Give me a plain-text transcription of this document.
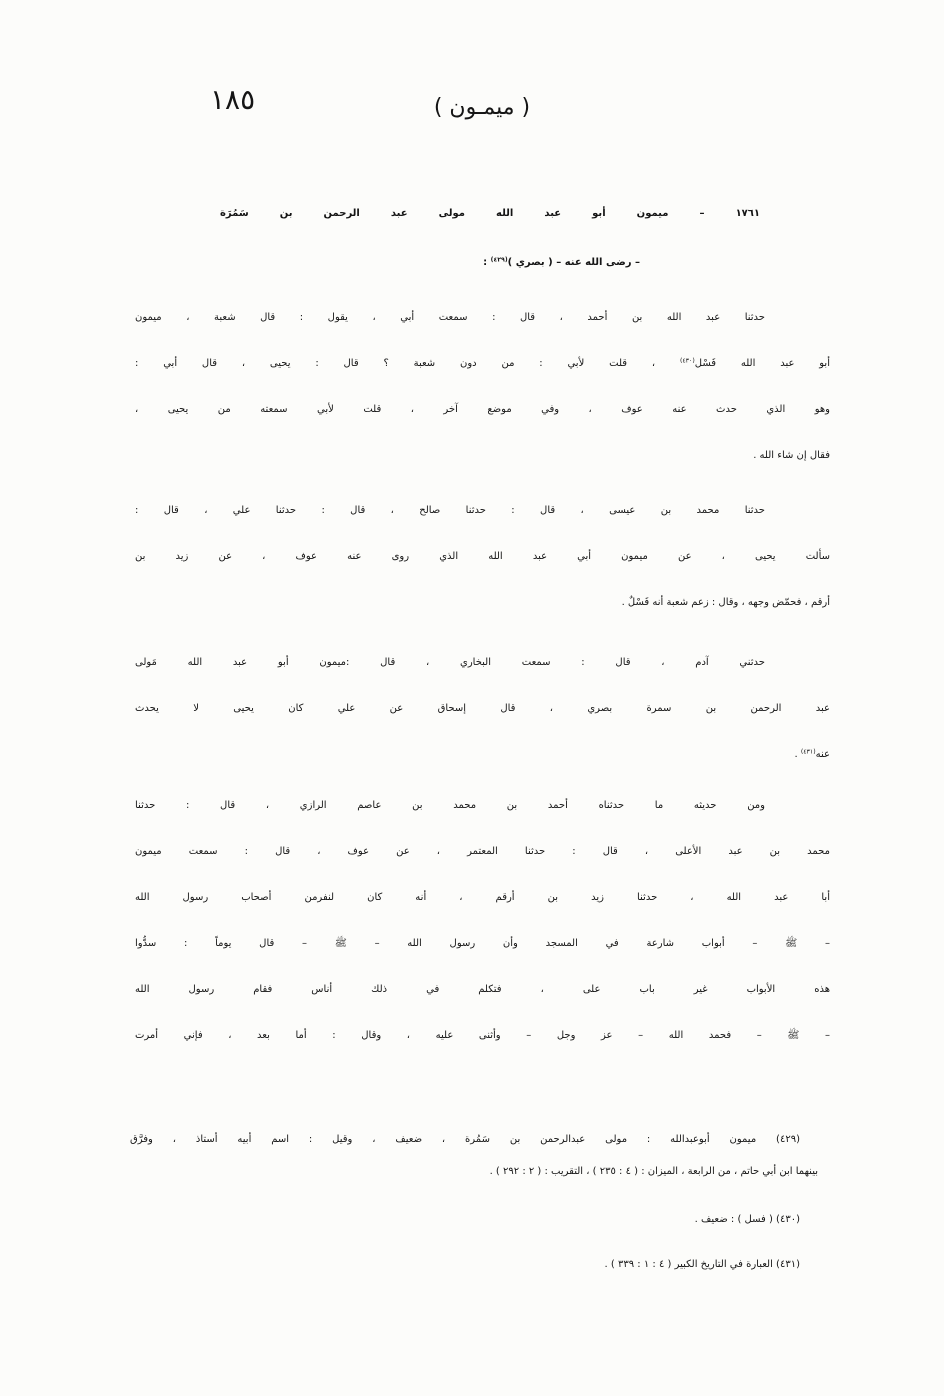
١٨٥	( ميمـون )
١٧٦١ – ميمون أبو عبد الله مولى عبد الرحمن بن سَمُرَة
– رضى الله عنه – ( بصري )$^{(٤٢٩)}$ :
حدثنا عبد الله بن أحمد ، قال : سمعت أبي ، يقول : قال شعبة ، ميمون
أبو عبد الله فَسْل$^{(٤٣٠)}$ ، قلت لأبي : من دون شعبة ؟ قال : يحيى ، قال أبي :
وهو الذي حدث عنه عوف ، وفي موضع آخر ، قلت لأبي سمعته من يحيى ،
فقال إن شاء الله .
حدثنا محمد بن عيسى ، قال : حدثنا صالح ، قال : حدثنا علي ، قال :
سألت يحيى ، عن ميمون أبي عبد الله الذي روى عنه عوف ، عن زيد بن
أرقم ، فحمّض وجهه ، وقال : زعم شعبة أنه فَسْلٌ .
حدثني آدم ، قال : سمعت البخاري ، قال :ميمون أبو عبد الله مَولى
عبد الرحمن بن سمرة بصري ، قال إسحاق عن علي كان يحيى لا يحدث
عنه$^{(٤٣١)}$ .
ومن حديثه ما حدثناه أحمد بن محمد بن عاصم الرازي ، قال : حدثنا
محمد بن عبد الأعلى ، قال : حدثنا المعتمر ، عن عوف ، قال : سمعت ميمون
أبا عبد الله ، حدثنا زيد بن أرقم ، أنه كان لنفرمن أصحاب رسول الله
– ﷺ – أبواب شارعة في المسجد وأن رسول الله – ﷺ – قال يوماً : سدُّوا
هذه الأبواب غير باب على ، فتكلم في ذلك أناس فقام رسول الله
– ﷺ – فحمد الله – عز وجل – وأثنى عليه ، وقال : أما بعد ، فإني أمرت
(٤٢٩) ميمون أبوعبدالله : مولى عبدالرحمن بن سَمُرة ، ضعيف ، وقيل : اسم أبيه أستاذ ، وفرَّق
بينهما ابن أبي حاتم ، من الرابعة ، الميزان : ( ٤ : ٢٣٥ ) ، التقريب : ( ٢ : ٢٩٢ ) .
(٤٣٠) ( فسل ) : ضعيف .
(٤٣١) العبارة في التاريخ الكبير ( ٤ : ١ : ٣٣٩ ) .
